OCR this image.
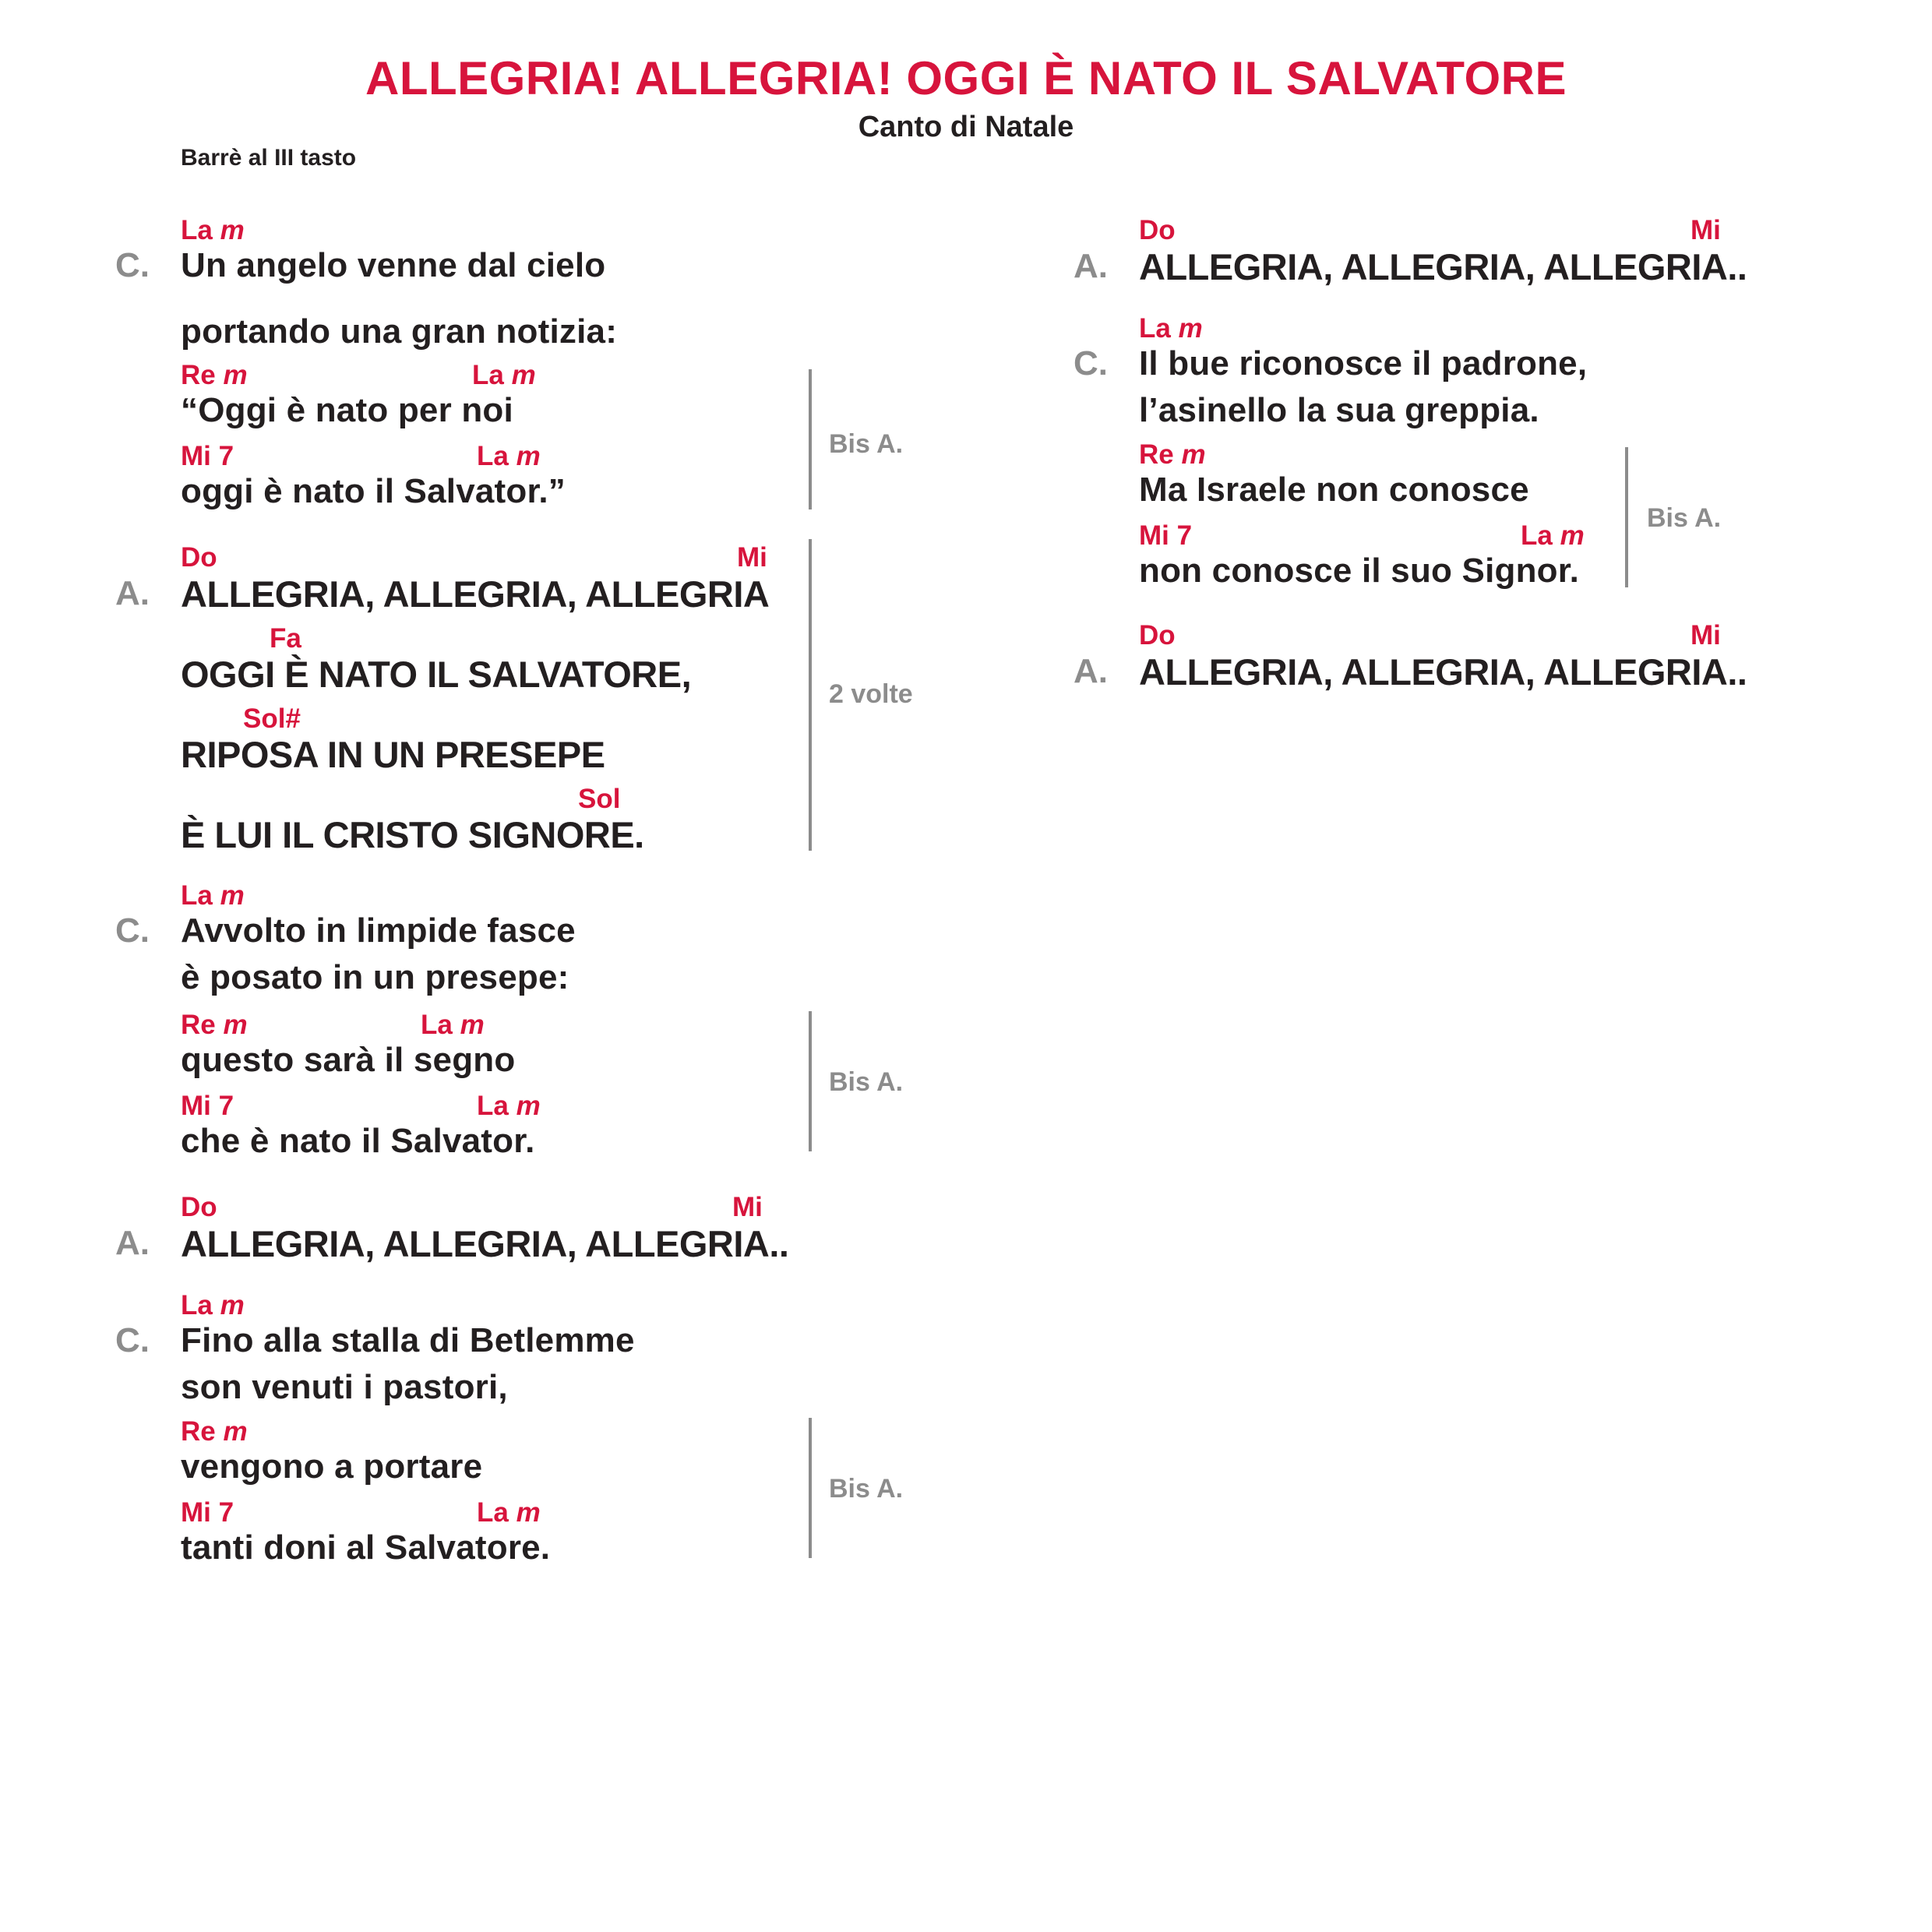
ALLEGRIA! ALLEGRIA! OGGI È NATO IL SALVATORE
Canto di Natale
Barrè al III tasto
La m
C. Un angelo venne dal cielo
portando una gran notizia:
Re m	La m
“Oggi è nato per noi
Mi 7	La m
oggi è nato il Salvator.”
Bis A.
Do	Mi
A. ALLEGRIA, ALLEGRIA, ALLEGRIA
Fa
OGGI È NATO IL SALVATORE,
Sol#
RIPOSA IN UN PRESEPE
Sol
È LUI IL CRISTO SIGNORE.
2 volte
La m
C. Avvolto in limpide fasce
è posato in un presepe:
Re m	La m
questo sarà il segno
Mi 7	La m
che è nato il Salvator.
Bis A.
Do	Mi
A. ALLEGRIA, ALLEGRIA, ALLEGRIA..
La m
C. Fino alla stalla di Betlemme
son venuti i pastori,
Re m
vengono a portare
Mi 7	La m
tanti doni al Salvatore.
Bis A.
Do	Mi
A. ALLEGRIA, ALLEGRIA, ALLEGRIA..
La m
C. Il bue riconosce il padrone,
l’asinello la sua greppia.
Re m
Ma Israele non conosce
Mi 7	La m
non conosce il suo Signor.
Bis A.
Do	Mi
A. ALLEGRIA, ALLEGRIA, ALLEGRIA..
